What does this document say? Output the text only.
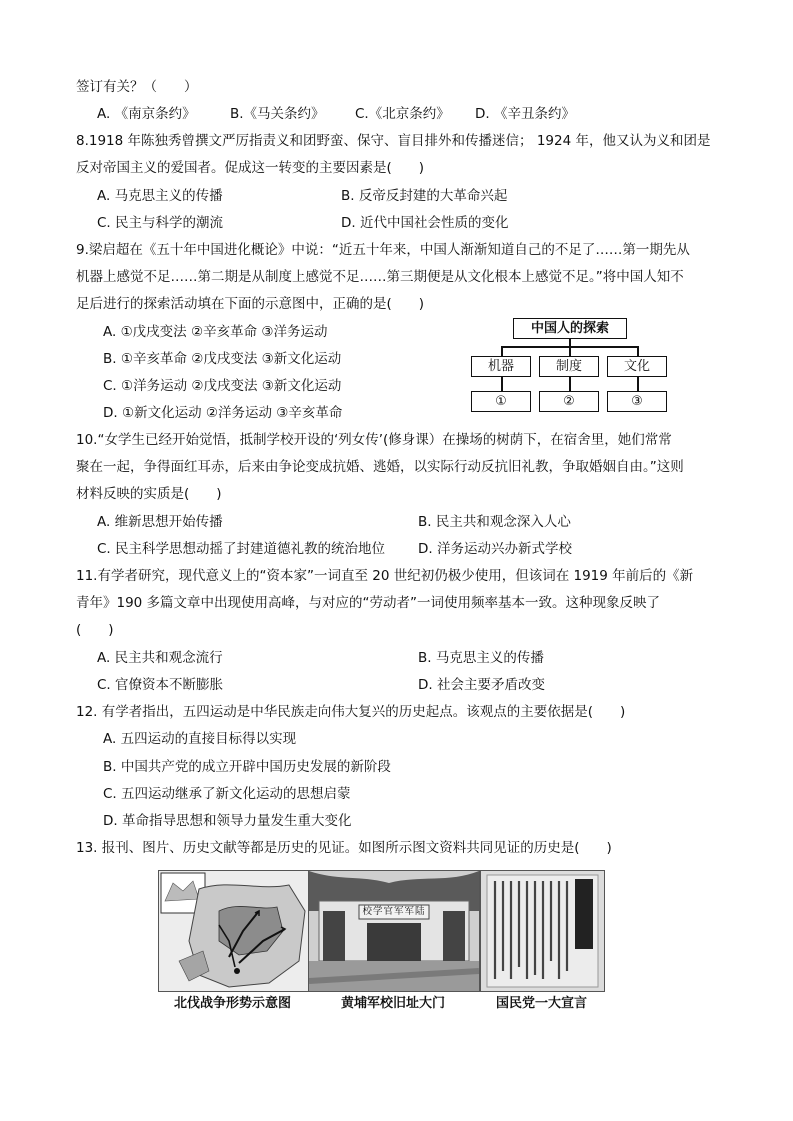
签订有关？（　　）
A. 《南京条约》	B.《马关条约》 C.《北京条约》 D. 《辛丑条约》
8.1918 年陈独秀曾撰文严厉指责义和团野蛮、保守、盲目排外和传播迷信； 1924 年，他又认为义和团是
反对帝国主义的爱国者。促成这一转变的主要因素是(　　)
A. 马克思主义的传播	B. 反帝反封建的大革命兴起
C. 民主与科学的潮流	D. 近代中国社会性质的变化
9.梁启超在《五十年中国进化概论》中说：“近五十年来，中国人渐渐知道自己的不足了……第一期先从
机器上感觉不足……第二期是从制度上感觉不足……第三期便是从文化根本上感觉不足。”将中国人知不
足后进行的探索活动填在下面的示意图中，正确的是(　　)
A. ①戊戌变法 ②辛亥革命 ③洋务运动
B. ①辛亥革命 ②戊戌变法 ③新文化运动
C. ①洋务运动 ②戊戌变法 ③新文化运动
D. ①新文化运动 ②洋务运动 ③辛亥革命
中国人的探索
机器	制度	文化
①	②	③
10.“女学生已经开始觉悟，抵制学校开设的‘列女传’(修身课）在操场的树荫下，在宿舍里，她们常常
聚在一起，争得面红耳赤，后来由争论变成抗婚、逃婚，以实际行动反抗旧礼教，争取婚姻自由。”这则
材料反映的实质是(　　)
A. 维新思想开始传播	B. 民主共和观念深入人心
C. 民主科学思想动摇了封建道德礼教的统治地位 D. 洋务运动兴办新式学校
11.有学者研究，现代意义上的“资本家”一词直至 20 世纪初仍极少使用，但该词在 1919 年前后的《新
青年》190 多篇文章中出现使用高峰，与对应的“劳动者”一词使用频率基本一致。这种现象反映了
(　　)
A. 民主共和观念流行	B. 马克思主义的传播
C. 官僚资本不断膨胀	D. 社会主要矛盾改变
12. 有学者指出，五四运动是中华民族走向伟大复兴的历史起点。该观点的主要依据是(　　)
A. 五四运动的直接目标得以实现
B. 中国共产党的成立开辟中国历史发展的新阶段
C. 五四运动继承了新文化运动的思想启蒙
D. 革命指导思想和领导力量发生重大变化
13. 报刊、图片、历史文献等都是历史的见证。如图所示图文资料共同见证的历史是(　　)
校学官军军陆
北伐战争形势示意图	黄埔军校旧址大门	国民党一大宣言
